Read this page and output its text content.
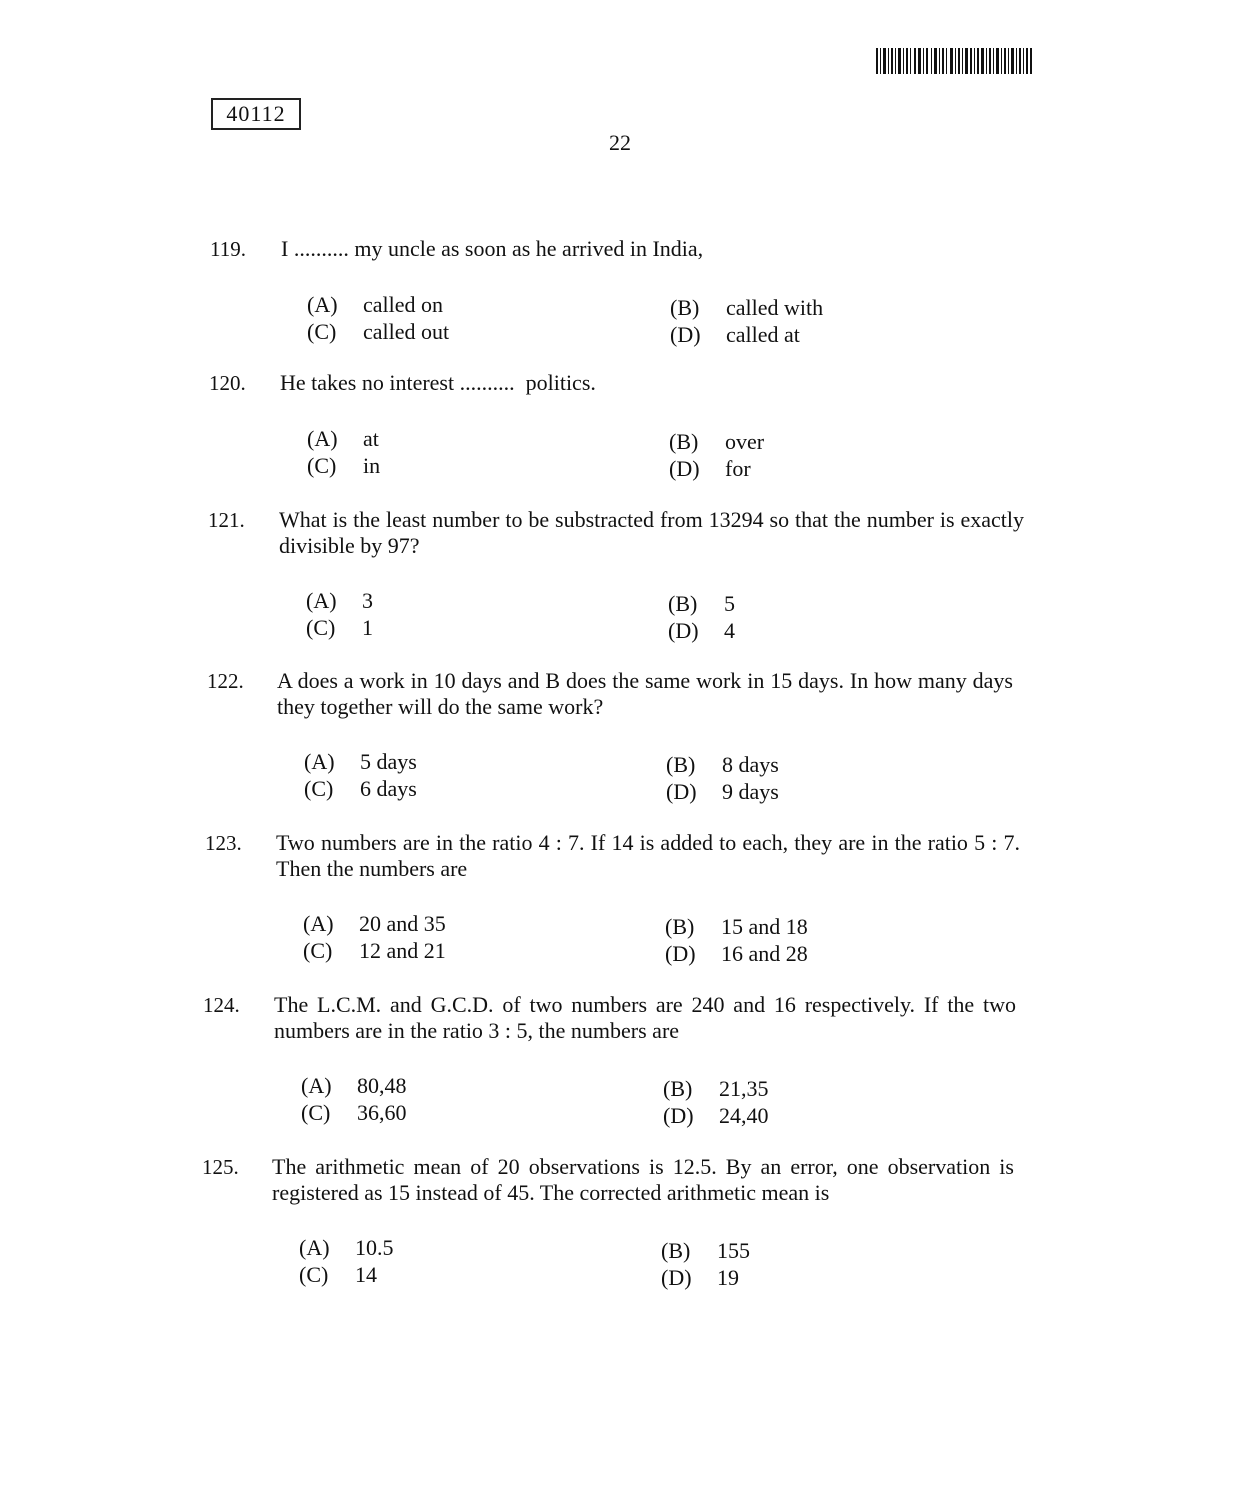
40112
22
119. I .......... my uncle as soon as he arrived in India,
(A) called on	(B) called with
(C) called out	(D) called at
120. He takes no interest ..........  politics.
(A) at	(B) over
(C) in	(D) for
121. What is the least number to be substracted from 13294 so that the number is exactly divisible by 97?
(A) 3	(B) 5
(C) 1	(D) 4
122. A does a work in 10 days and B does the same work in 15 days. In how many days they together will do the same work?
(A) 5 days	(B) 8 days
(C) 6 days	(D) 9 days
123. Two numbers are in the ratio 4 : 7. If 14 is added to each, they are in the ratio 5 : 7. Then the numbers are
(A) 20 and 35	(B) 15 and 18
(C) 12 and 21	(D) 16 and 28
124. The L.C.M. and G.C.D. of two numbers are 240 and 16 respectively. If the two numbers are in the ratio 3 : 5, the numbers are
(A) 80,48	(B) 21,35
(C) 36,60	(D) 24,40
125. The arithmetic mean of 20 observations is 12.5. By an error, one observation is registered as 15 instead of 45. The corrected arithmetic mean is
(A) 10.5	(B) 155
(C) 14	(D) 19
